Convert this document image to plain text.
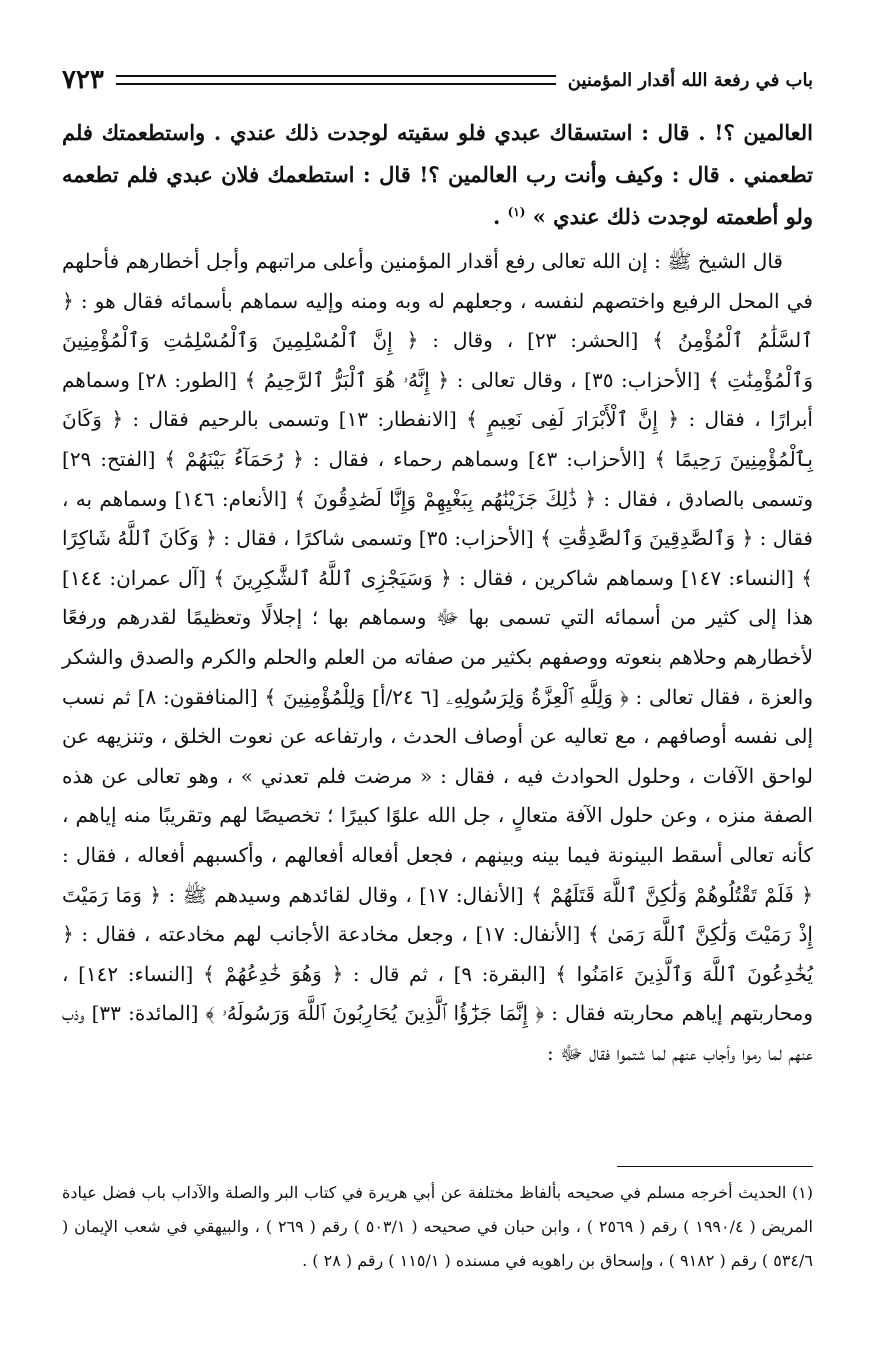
باب في رفعة الله أقدار المؤمنين
٧٢٣

العالمين ؟! . قال : استسقاك عبدي فلو سقيته لوجدت ذلك عندي . واستطعمتك فلم تطعمني . قال : وكيف وأنت رب العالمين ؟! قال : استطعمك فلان عبدي فلم تطعمه ولو أطعمته لوجدت ذلك عندي » $^{(١)}$ .

قال الشيخ ﷺ : إن الله تعالى رفع أقدار المؤمنين وأعلى مراتبهم وأجل أخطارهم فأحلهم في المحل الرفيع واختصهم لنفسه ، وجعلهم له وبه ومنه وإليه سماهم بأسمائه فقال هو : ﴿ ٱلسَّلَٰمُ ٱلْمُؤْمِنُ ﴾ [الحشر: ٢٣] ، وقال : ﴿ إِنَّ ٱلْمُسْلِمِينَ وَٱلْمُسْلِمَٰتِ وَٱلْمُؤْمِنِينَ وَٱلْمُؤْمِنَٰتِ ﴾ [الأحزاب: ٣٥] ، وقال تعالى : ﴿ إِنَّهُۥ هُوَ ٱلْبَرُّ ٱلرَّحِيمُ ﴾ [الطور: ٢٨] وسماهم أبرارًا ، فقال : ﴿ إِنَّ ٱلْأَبْرَارَ لَفِى نَعِيمٍ ﴾ [الانفطار: ١٣] وتسمى بالرحيم فقال : ﴿ وَكَانَ بِٱلْمُؤْمِنِينَ رَحِيمًا ﴾ [الأحزاب: ٤٣] وسماهم رحماء ، فقال : ﴿ رُحَمَآءُ بَيْنَهُمْ ﴾ [الفتح: ٢٩] وتسمى بالصادق ، فقال : ﴿ ذَٰلِكَ جَزَيْنَٰهُم بِبَغْيِهِمْ وَإِنَّا لَصَٰدِقُونَ ﴾ [الأنعام: ١٤٦] وسماهم به ، فقال : ﴿ وَٱلصَّٰدِقِينَ وَٱلصَّٰدِقَٰتِ ﴾ [الأحزاب: ٣٥] وتسمى شاكرًا ، فقال : ﴿ وَكَانَ ٱللَّهُ شَاكِرًا ﴾ [النساء: ١٤٧] وسماهم شاكرين ، فقال : ﴿ وَسَيَجْزِى ٱللَّهُ ٱلشَّٰكِرِينَ ﴾ [آل عمران: ١٤٤] هذا إلى كثير من أسمائه التي تسمى بها ﷻ وسماهم بها ؛ إجلالًا وتعظيمًا لقدرهم ورفعًا لأخطارهم وحلاهم بنعوته ووصفهم بكثير من صفاته من العلم والحلم والكرم والصدق والشكر والعزة ، فقال تعالى : ﴿ وَلِلَّهِ ٱلْعِزَّةُ وَلِرَسُولِهِۦ [٦ ٢٤/أ] وَلِلْمُؤْمِنِينَ ﴾ [المنافقون: ٨] ثم نسب إلى نفسه أوصافهم ، مع تعاليه عن أوصاف الحدث ، وارتفاعه عن نعوت الخلق ، وتنزيهه عن لواحق الآفات ، وحلول الحوادث فيه ، فقال : « مرضت فلم تعدني » ، وهو تعالى عن هذه الصفة منزه ، وعن حلول الآفة متعالٍ ، جل الله علوًا كبيرًا ؛ تخصيصًا لهم وتقريبًا منه إياهم ، كأنه تعالى أسقط البينونة فيما بينه وبينهم ، فجعل أفعاله أفعالهم ، وأكسبهم أفعاله ، فقال : ﴿ فَلَمْ تَقْتُلُوهُمْ وَلَٰكِنَّ ٱللَّهَ قَتَلَهُمْ ﴾ [الأنفال: ١٧] ، وقال لقائدهم وسيدهم ﷺ : ﴿ وَمَا رَمَيْتَ إِذْ رَمَيْتَ وَلَٰكِنَّ ٱللَّهَ رَمَىٰ ﴾ [الأنفال: ١٧] ، وجعل مخادعة الأجانب لهم مخادعته ، فقال : ﴿ يُخَٰدِعُونَ ٱللَّهَ وَٱلَّذِينَ ءَامَنُوا ﴾ [البقرة: ٩] ، ثم قال : ﴿ وَهُوَ خَٰدِعُهُمْ ﴾ [النساء: ١٤٢] ، ومحاربتهم إياهم محاربته فقال : ﴿ إِنَّمَا جَزَٰٓؤُا ٱلَّذِينَ يُحَارِبُونَ ٱللَّهَ وَرَسُولَهُۥ ﴾ [المائدة: ٣٣] وذب عنهم لما رموا وأجاب عنهم لما شتموا فقال ﷻ :

(١) الحديث أخرجه مسلم في صحيحه بألفاظ مختلفة عن أبي هريرة في كتاب البر والصلة والآداب باب فضل عيادة المريض ( ١٩٩٠/٤ ) رقم ( ٢٥٦٩ ) ، وابن حبان في صحيحه ( ٥٠٣/١ ) رقم ( ٢٦٩ ) ، والبيهقي في شعب الإيمان ( ٥٣٤/٦ ) رقم ( ٩١٨٢ ) ، وإسحاق بن راهويه في مسنده ( ١١٥/١ ) رقم ( ٢٨ ) .
